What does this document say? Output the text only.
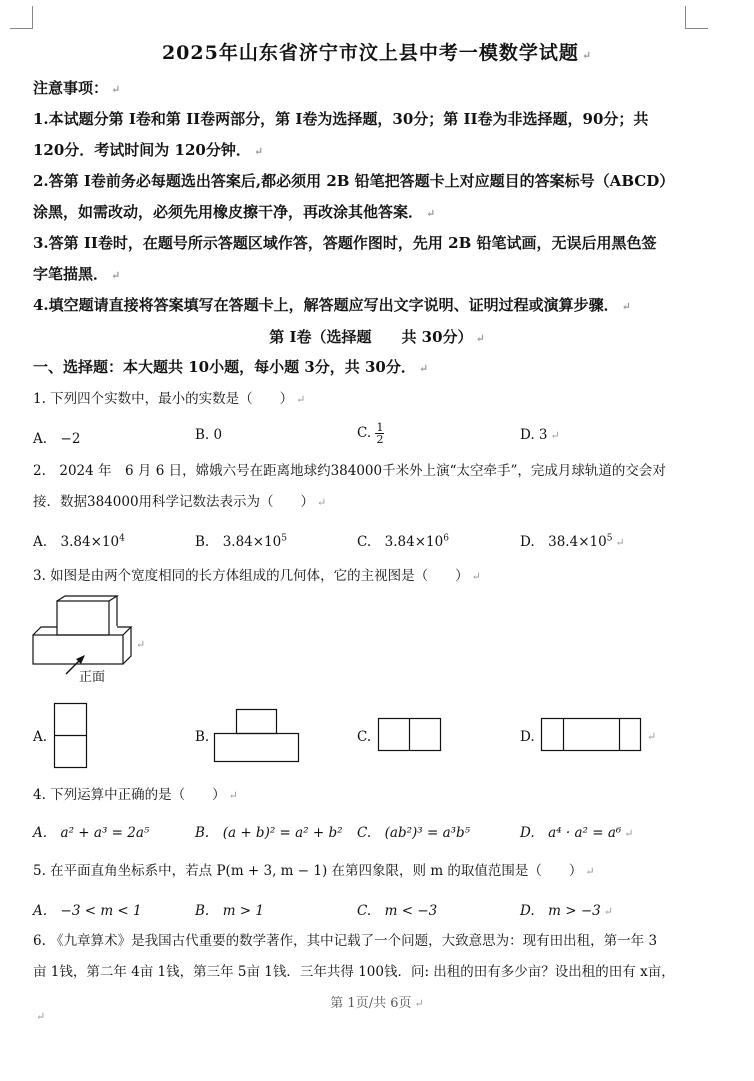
2025年山东省济宁市汶上县中考一模数学试题 ↵
注意事项： ↵
1.本试题分第 I卷和第 II卷两部分，第 I卷为选择题，30分；第 II卷为非选择题，90分；共
120分．考试时间为 120分钟． ↵
2.答第 I卷前务必每题选出答案后,都必须用 2B 铅笔把答题卡上对应题目的答案标号（ABCD）
涂黑，如需改动，必须先用橡皮擦干净，再改涂其他答案． ↵
3.答第 II卷时，在题号所示答题区域作答，答题作图时，先用 2B 铅笔试画，无误后用黑色签
字笔描黑． ↵
4.填空题请直接将答案填写在答题卡上，解答题应写出文字说明、证明过程或演算步骤． ↵
第 I卷（选择题　　共 30分） ↵
一、选择题：本大题共 10小题，每小题 3分，共 30分． ↵
1. 下列四个实数中，最小的实数是（　　） ↵
A.　−2	B. 0	C. $\frac{1}{2}$	D. 3 ↵
2.　2024 年　6 月 6 日，嫦娥六号在距离地球约384000千米外上演“太空牵手”，完成月球轨道的交会对
接．数据384000用科学记数法表示为（　　） ↵
A.　$3.84\times 10^4$	B.　$3.84\times 10^5$	C.　$3.84\times 10^6$	D.　$38.4\times 10^5$ ↵
3. 如图是由两个宽度相同的长方体组成的几何体，它的主视图是（　　） ↵
正面
↵
A.	B.	C.	D.	↵
4. 下列运算中正确的是（　　） ↵
A.　a² + a³ = 2a⁵	B.　(a + b)² = a² + b² C.　(ab²)³ = a³b⁵	D.　a⁴ · a² = a⁶ ↵
5. 在平面直角坐标系中，若点 P(m + 3, m − 1) 在第四象限，则 m 的取值范围是（　　） ↵
A.　−3 < m < 1	B.　m > 1	C.　m < −3	D.　m > −3 ↵
6. 《九章算术》是我国古代重要的数学著作，其中记载了一个问题，大致意思为：现有田出租，第一年 3
亩 1钱，第二年 4亩 1钱，第三年 5亩 1钱．三年共得 100钱．问: 出租的田有多少亩？设出租的田有 x亩，
第 1页/共 6页 ↵
↵
